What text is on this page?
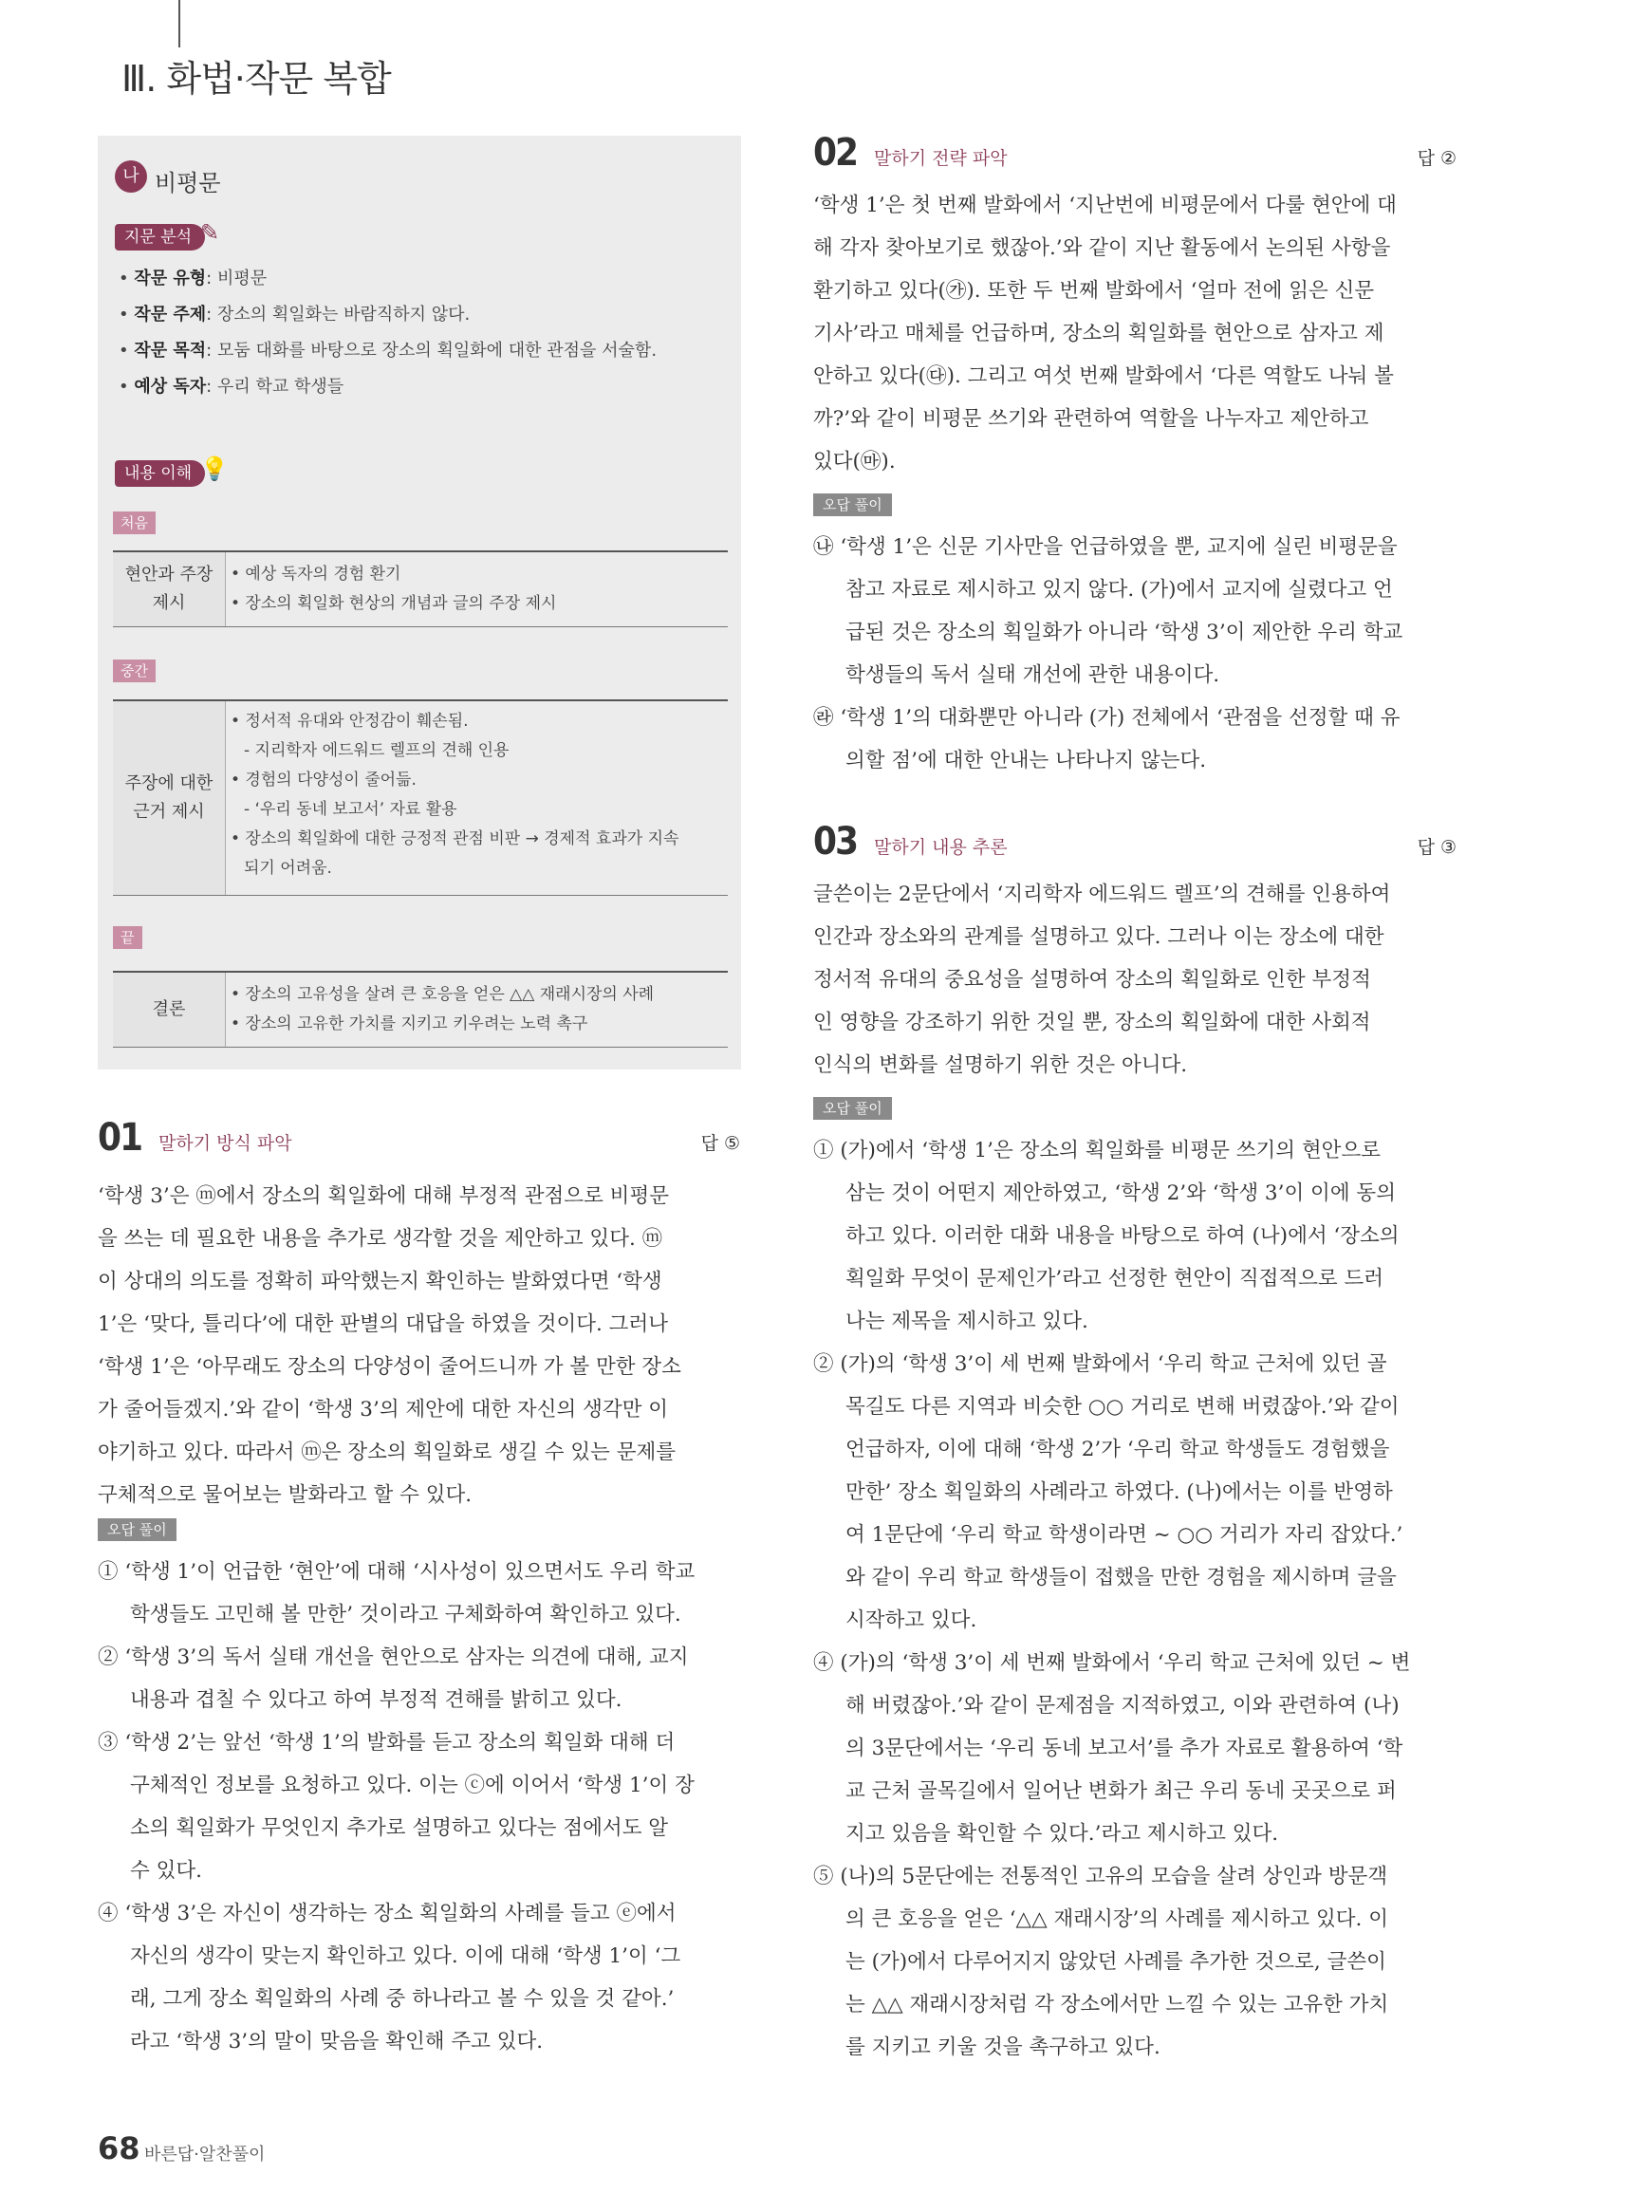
Ⅲ. 화법·작문 복합
나 비평문
지문 분석 ✎
• 작문 유형: 비평문
• 작문 주제: 장소의 획일화는 바람직하지 않다.
• 작문 목적: 모둠 대화를 바탕으로 장소의 획일화에 대한 관점을 서술함.
• 예상 독자: 우리 학교 학생들
내용 이해 💡
처음
현안과 주장
제시
• 예상 독자의 경험 환기
• 장소의 획일화 현상의 개념과 글의 주장 제시
중간
주장에 대한
근거 제시
• 정서적 유대와 안정감이 훼손됨.
- 지리학자 에드워드 렐프의 견해 인용
• 경험의 다양성이 줄어듦.
- ‘우리 동네 보고서’ 자료 활용
• 장소의 획일화에 대한 긍정적 관점 비판 → 경제적 효과가 지속
되기 어려움.
끝
결론
• 장소의 고유성을 살려 큰 호응을 얻은 △△ 재래시장의 사례
• 장소의 고유한 가치를 지키고 키우려는 노력 촉구
01 말하기 방식 파악	답 ⑤
‘학생 3’은 ⓜ에서 장소의 획일화에 대해 부정적 관점으로 비평문
을 쓰는 데 필요한 내용을 추가로 생각할 것을 제안하고 있다. ⓜ
이 상대의 의도를 정확히 파악했는지 확인하는 발화였다면 ‘학생
1’은 ‘맞다, 틀리다’에 대한 판별의 대답을 하였을 것이다. 그러나
‘학생 1’은 ‘아무래도 장소의 다양성이 줄어드니까 가 볼 만한 장소
가 줄어들겠지.’와 같이 ‘학생 3’의 제안에 대한 자신의 생각만 이
야기하고 있다. 따라서 ⓜ은 장소의 획일화로 생길 수 있는 문제를
구체적으로 물어보는 발화라고 할 수 있다.
오답 풀이
① ‘학생 1’이 언급한 ‘현안’에 대해 ‘시사성이 있으면서도 우리 학교
학생들도 고민해 볼 만한’ 것이라고 구체화하여 확인하고 있다.
② ‘학생 3’의 독서 실태 개선을 현안으로 삼자는 의견에 대해, 교지
내용과 겹칠 수 있다고 하여 부정적 견해를 밝히고 있다.
③ ‘학생 2’는 앞선 ‘학생 1’의 발화를 듣고 장소의 획일화 대해 더
구체적인 정보를 요청하고 있다. 이는 ⓒ에 이어서 ‘학생 1’이 장
소의 획일화가 무엇인지 추가로 설명하고 있다는 점에서도 알
수 있다.
④ ‘학생 3’은 자신이 생각하는 장소 획일화의 사례를 들고 ⓔ에서
자신의 생각이 맞는지 확인하고 있다. 이에 대해 ‘학생 1’이 ‘그
래, 그게 장소 획일화의 사례 중 하나라고 볼 수 있을 것 같아.’
라고 ‘학생 3’의 말이 맞음을 확인해 주고 있다.
02 말하기 전략 파악	답 ②
‘학생 1’은 첫 번째 발화에서 ‘지난번에 비평문에서 다룰 현안에 대
해 각자 찾아보기로 했잖아.’와 같이 지난 활동에서 논의된 사항을
환기하고 있다(㉮). 또한 두 번째 발화에서 ‘얼마 전에 읽은 신문
기사’라고 매체를 언급하며, 장소의 획일화를 현안으로 삼자고 제
안하고 있다(㉰). 그리고 여섯 번째 발화에서 ‘다른 역할도 나눠 볼
까?’와 같이 비평문 쓰기와 관련하여 역할을 나누자고 제안하고
있다(㉲).
오답 풀이
㉯ ‘학생 1’은 신문 기사만을 언급하였을 뿐, 교지에 실린 비평문을
참고 자료로 제시하고 있지 않다. (가)에서 교지에 실렸다고 언
급된 것은 장소의 획일화가 아니라 ‘학생 3’이 제안한 우리 학교
학생들의 독서 실태 개선에 관한 내용이다.
㉱ ‘학생 1’의 대화뿐만 아니라 (가) 전체에서 ‘관점을 선정할 때 유
의할 점’에 대한 안내는 나타나지 않는다.
03 말하기 내용 추론	답 ③
글쓴이는 2문단에서 ‘지리학자 에드워드 렐프’의 견해를 인용하여
인간과 장소와의 관계를 설명하고 있다. 그러나 이는 장소에 대한
정서적 유대의 중요성을 설명하여 장소의 획일화로 인한 부정적
인 영향을 강조하기 위한 것일 뿐, 장소의 획일화에 대한 사회적
인식의 변화를 설명하기 위한 것은 아니다.
오답 풀이
① (가)에서 ‘학생 1’은 장소의 획일화를 비평문 쓰기의 현안으로
삼는 것이 어떤지 제안하였고, ‘학생 2’와 ‘학생 3’이 이에 동의
하고 있다. 이러한 대화 내용을 바탕으로 하여 (나)에서 ‘장소의
획일화 무엇이 문제인가’라고 선정한 현안이 직접적으로 드러
나는 제목을 제시하고 있다.
② (가)의 ‘학생 3’이 세 번째 발화에서 ‘우리 학교 근처에 있던 골
목길도 다른 지역과 비슷한 ○○ 거리로 변해 버렸잖아.’와 같이
언급하자, 이에 대해 ‘학생 2’가 ‘우리 학교 학생들도 경험했을
만한’ 장소 획일화의 사례라고 하였다. (나)에서는 이를 반영하
여 1문단에 ‘우리 학교 학생이라면 ~ ○○ 거리가 자리 잡았다.’
와 같이 우리 학교 학생들이 접했을 만한 경험을 제시하며 글을
시작하고 있다.
④ (가)의 ‘학생 3’이 세 번째 발화에서 ‘우리 학교 근처에 있던 ~ 변
해 버렸잖아.’와 같이 문제점을 지적하였고, 이와 관련하여 (나)
의 3문단에서는 ‘우리 동네 보고서’를 추가 자료로 활용하여 ‘학
교 근처 골목길에서 일어난 변화가 최근 우리 동네 곳곳으로 퍼
지고 있음을 확인할 수 있다.’라고 제시하고 있다.
⑤ (나)의 5문단에는 전통적인 고유의 모습을 살려 상인과 방문객
의 큰 호응을 얻은 ‘△△ 재래시장’의 사례를 제시하고 있다. 이
는 (가)에서 다루어지지 않았던 사례를 추가한 것으로, 글쓴이
는 △△ 재래시장처럼 각 장소에서만 느낄 수 있는 고유한 가치
를 지키고 키울 것을 촉구하고 있다.
68 바른답·알찬풀이
